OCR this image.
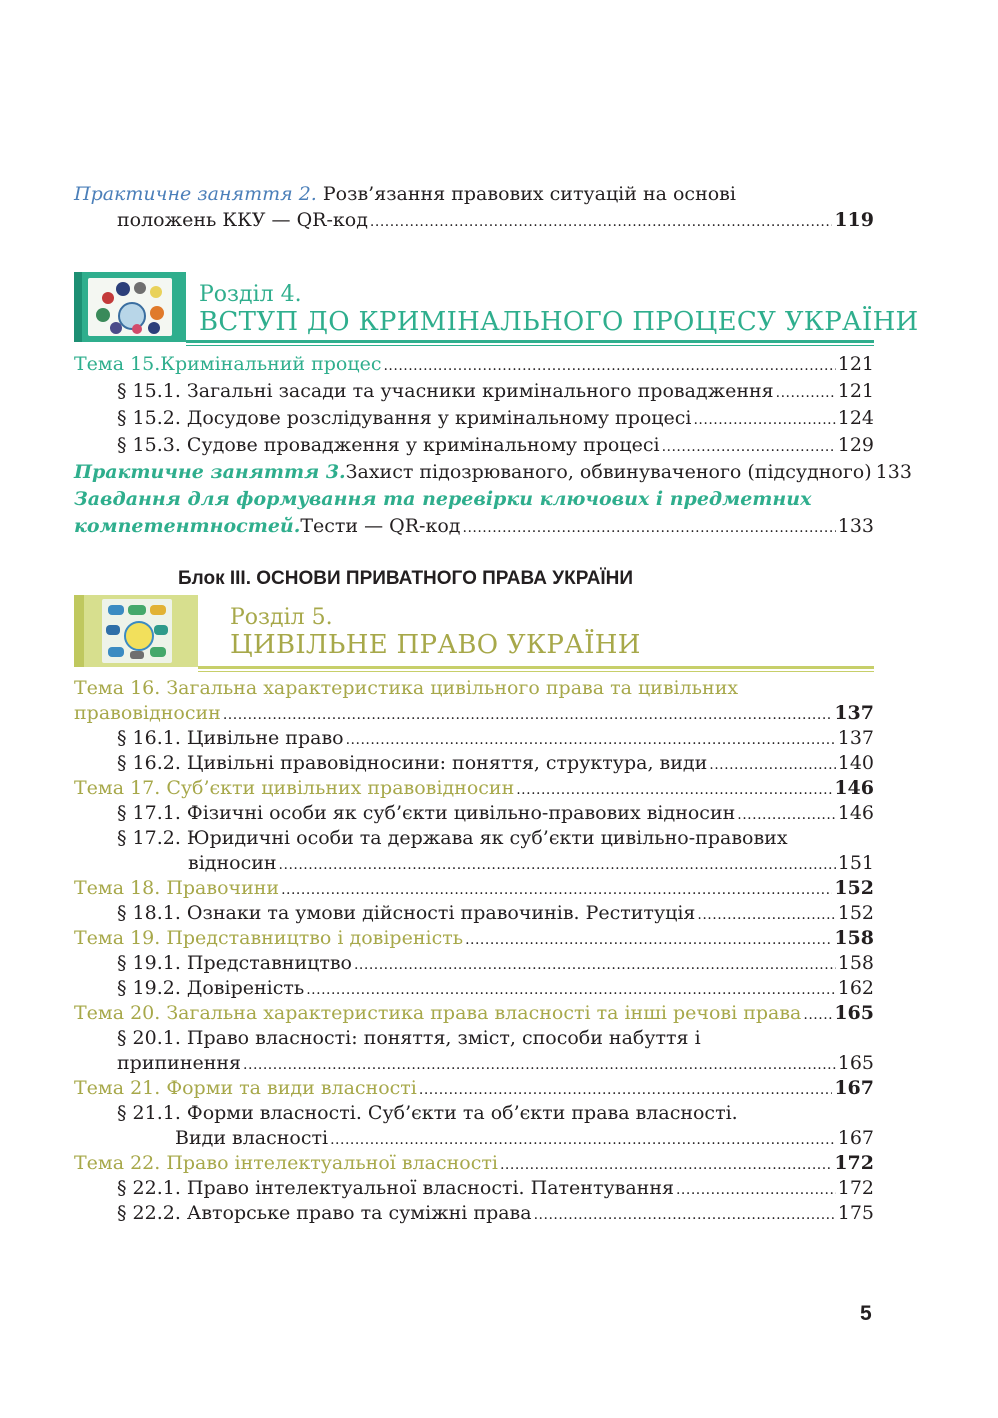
Практичне заняття 2. Розв’язання правових ситуацій на основі
положень ККУ — QR-код .....	119
Розділ 4.
ВСТУП ДО КРИМІНАЛЬНОГО ПРОЦЕСУ УКРАЇНИ
Тема 15.Кримінальний процес .....	121
§ 15.1. Загальні засади та учасники кримінального провадження .....	121
§ 15.2. Досудове розслідування у кримінальному процесі .....	124
§ 15.3. Судове провадження у кримінальному процесі .....	129
Практичне заняття 3. Захист підозрюваного, обвинуваченого (підсудного) 133
Завдання для формування та перевірки ключових і предметних
компетентностей. Тести — QR-код .....	133
Блок ІІІ. ОСНОВИ ПРИВАТНОГО ПРАВА УКРАЇНИ
Розділ 5.
ЦИВІЛЬНЕ ПРАВО УКРАЇНИ
Тема 16. Загальна характеристика цивільного права та цивільних
правовідносин .....	137
§ 16.1. Цивільне право .....	137
§ 16.2. Цивільні правовідносини: поняття, структура, види .....	140
Тема 17. Суб’єкти цивільних правовідносин .....	146
§ 17.1. Фізичні особи як суб’єкти цивільно-правових відносин .....	146
§ 17.2. Юридичні особи та держава як суб’єкти цивільно-правових
відносин .....	151
Тема 18. Правочини .....	152
§ 18.1. Ознаки та умови дійсності правочинів. Реституція .....	152
Тема 19. Представництво і довіреність .....	158
§ 19.1. Представництво .....	158
§ 19.2. Довіреність .....	162
Тема 20. Загальна характеристика права власності та інші речові права ..... 165
§ 20.1. Право власності: поняття, зміст, способи набуття і
припинення .....	165
Тема 21. Форми та види власності .....	167
§ 21.1. Форми власності. Суб’єкти та об’єкти права власності.
Види власності .....	167
Тема 22. Право інтелектуальної власності .....	172
§ 22.1. Право інтелектуальної власності. Патентування .....	172
§ 22.2. Авторське право та суміжні права .....	175
5
